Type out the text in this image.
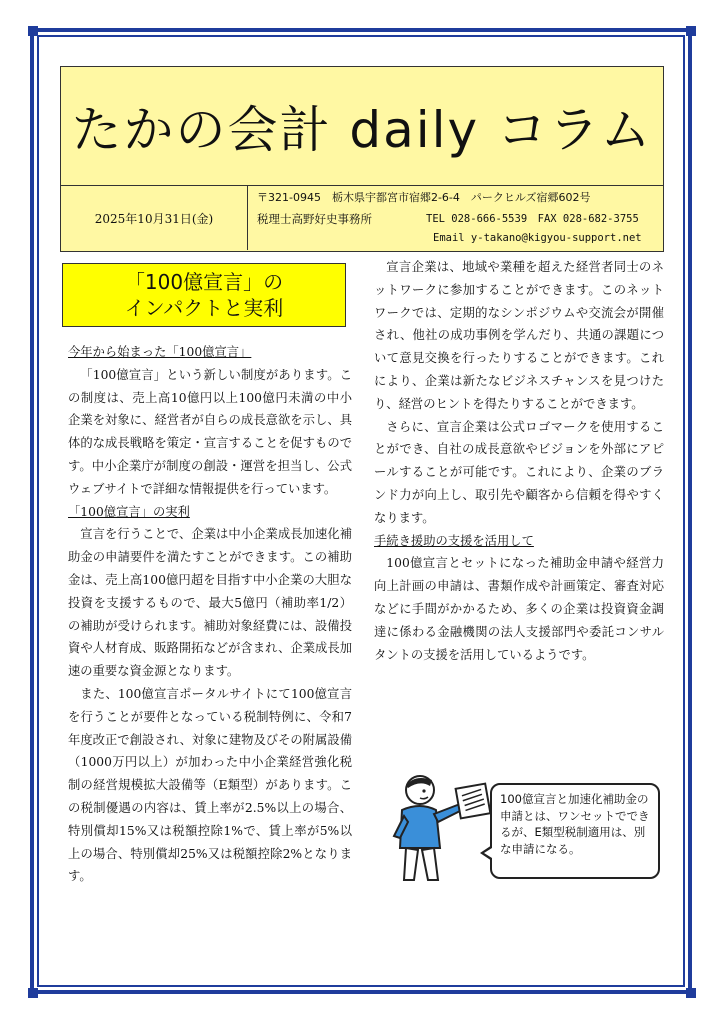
たかの会計 daily コラム
2025年10月31日(金)
〒321-0945　栃木県宇都宮市宿郷2-6-4　パークヒルズ宿郷602号
税理士高野好史事務所	TEL 028-666-5539　FAX 028-682-3755
Email y-takano@kigyou-support.net
「100億宣言」の
インパクトと実利
今年から始まった「100億宣言」

「100億宣言」という新しい制度があります。この制度は、売上高10億円以上100億円未満の中小企業を対象に、経営者が自らの成長意欲を示し、具体的な成長戦略を策定・宣言することを促すものです。中小企業庁が制度の創設・運営を担当し、公式ウェブサイトで詳細な情報提供を行っています。

「100億宣言」の実利

宣言を行うことで、企業は中小企業成長加速化補助金の申請要件を満たすことができます。この補助金は、売上高100億円超を目指す中小企業の大胆な投資を支援するもので、最大5億円（補助率1/2）の補助が受けられます。補助対象経費には、設備投資や人材育成、販路開拓などが含まれ、企業成長加速の重要な資金源となります。

また、100億宣言ポータルサイトにて100億宣言を行うことが要件となっている税制特例に、令和7年度改正で創設され、対象に建物及びその附属設備（1000万円以上）が加わった中小企業経営強化税制の経営規模拡大設備等（E類型）があります。この税制優遇の内容は、賃上率が2.5%以上の場合、特別償却15%又は税額控除1%で、賃上率が5%以上の場合、特別償却25%又は税額控除2%となります。

宣言企業は、地域や業種を超えた経営者同士のネットワークに参加することができます。このネットワークでは、定期的なシンポジウムや交流会が開催され、他社の成功事例を学んだり、共通の課題について意見交換を行ったりすることができます。これにより、企業は新たなビジネスチャンスを見つけたり、経営のヒントを得たりすることができます。

さらに、宣言企業は公式ロゴマークを使用することができ、自社の成長意欲やビジョンを外部にアピールすることが可能です。これにより、企業のブランド力が向上し、取引先や顧客から信頼を得やすくなります。

手続き援助の支援を活用して

100億宣言とセットになった補助金申請や経営力向上計画の申請は、書類作成や計画策定、審査対応などに手間がかかるため、多くの企業は投資資金調達に係わる金融機関の法人支援部門や委託コンサルタントの支援を活用しているようです。

100億宣言と加速化補助金の申請とは、ワンセットでできるが、E類型税制適用は、別な申請になる。
